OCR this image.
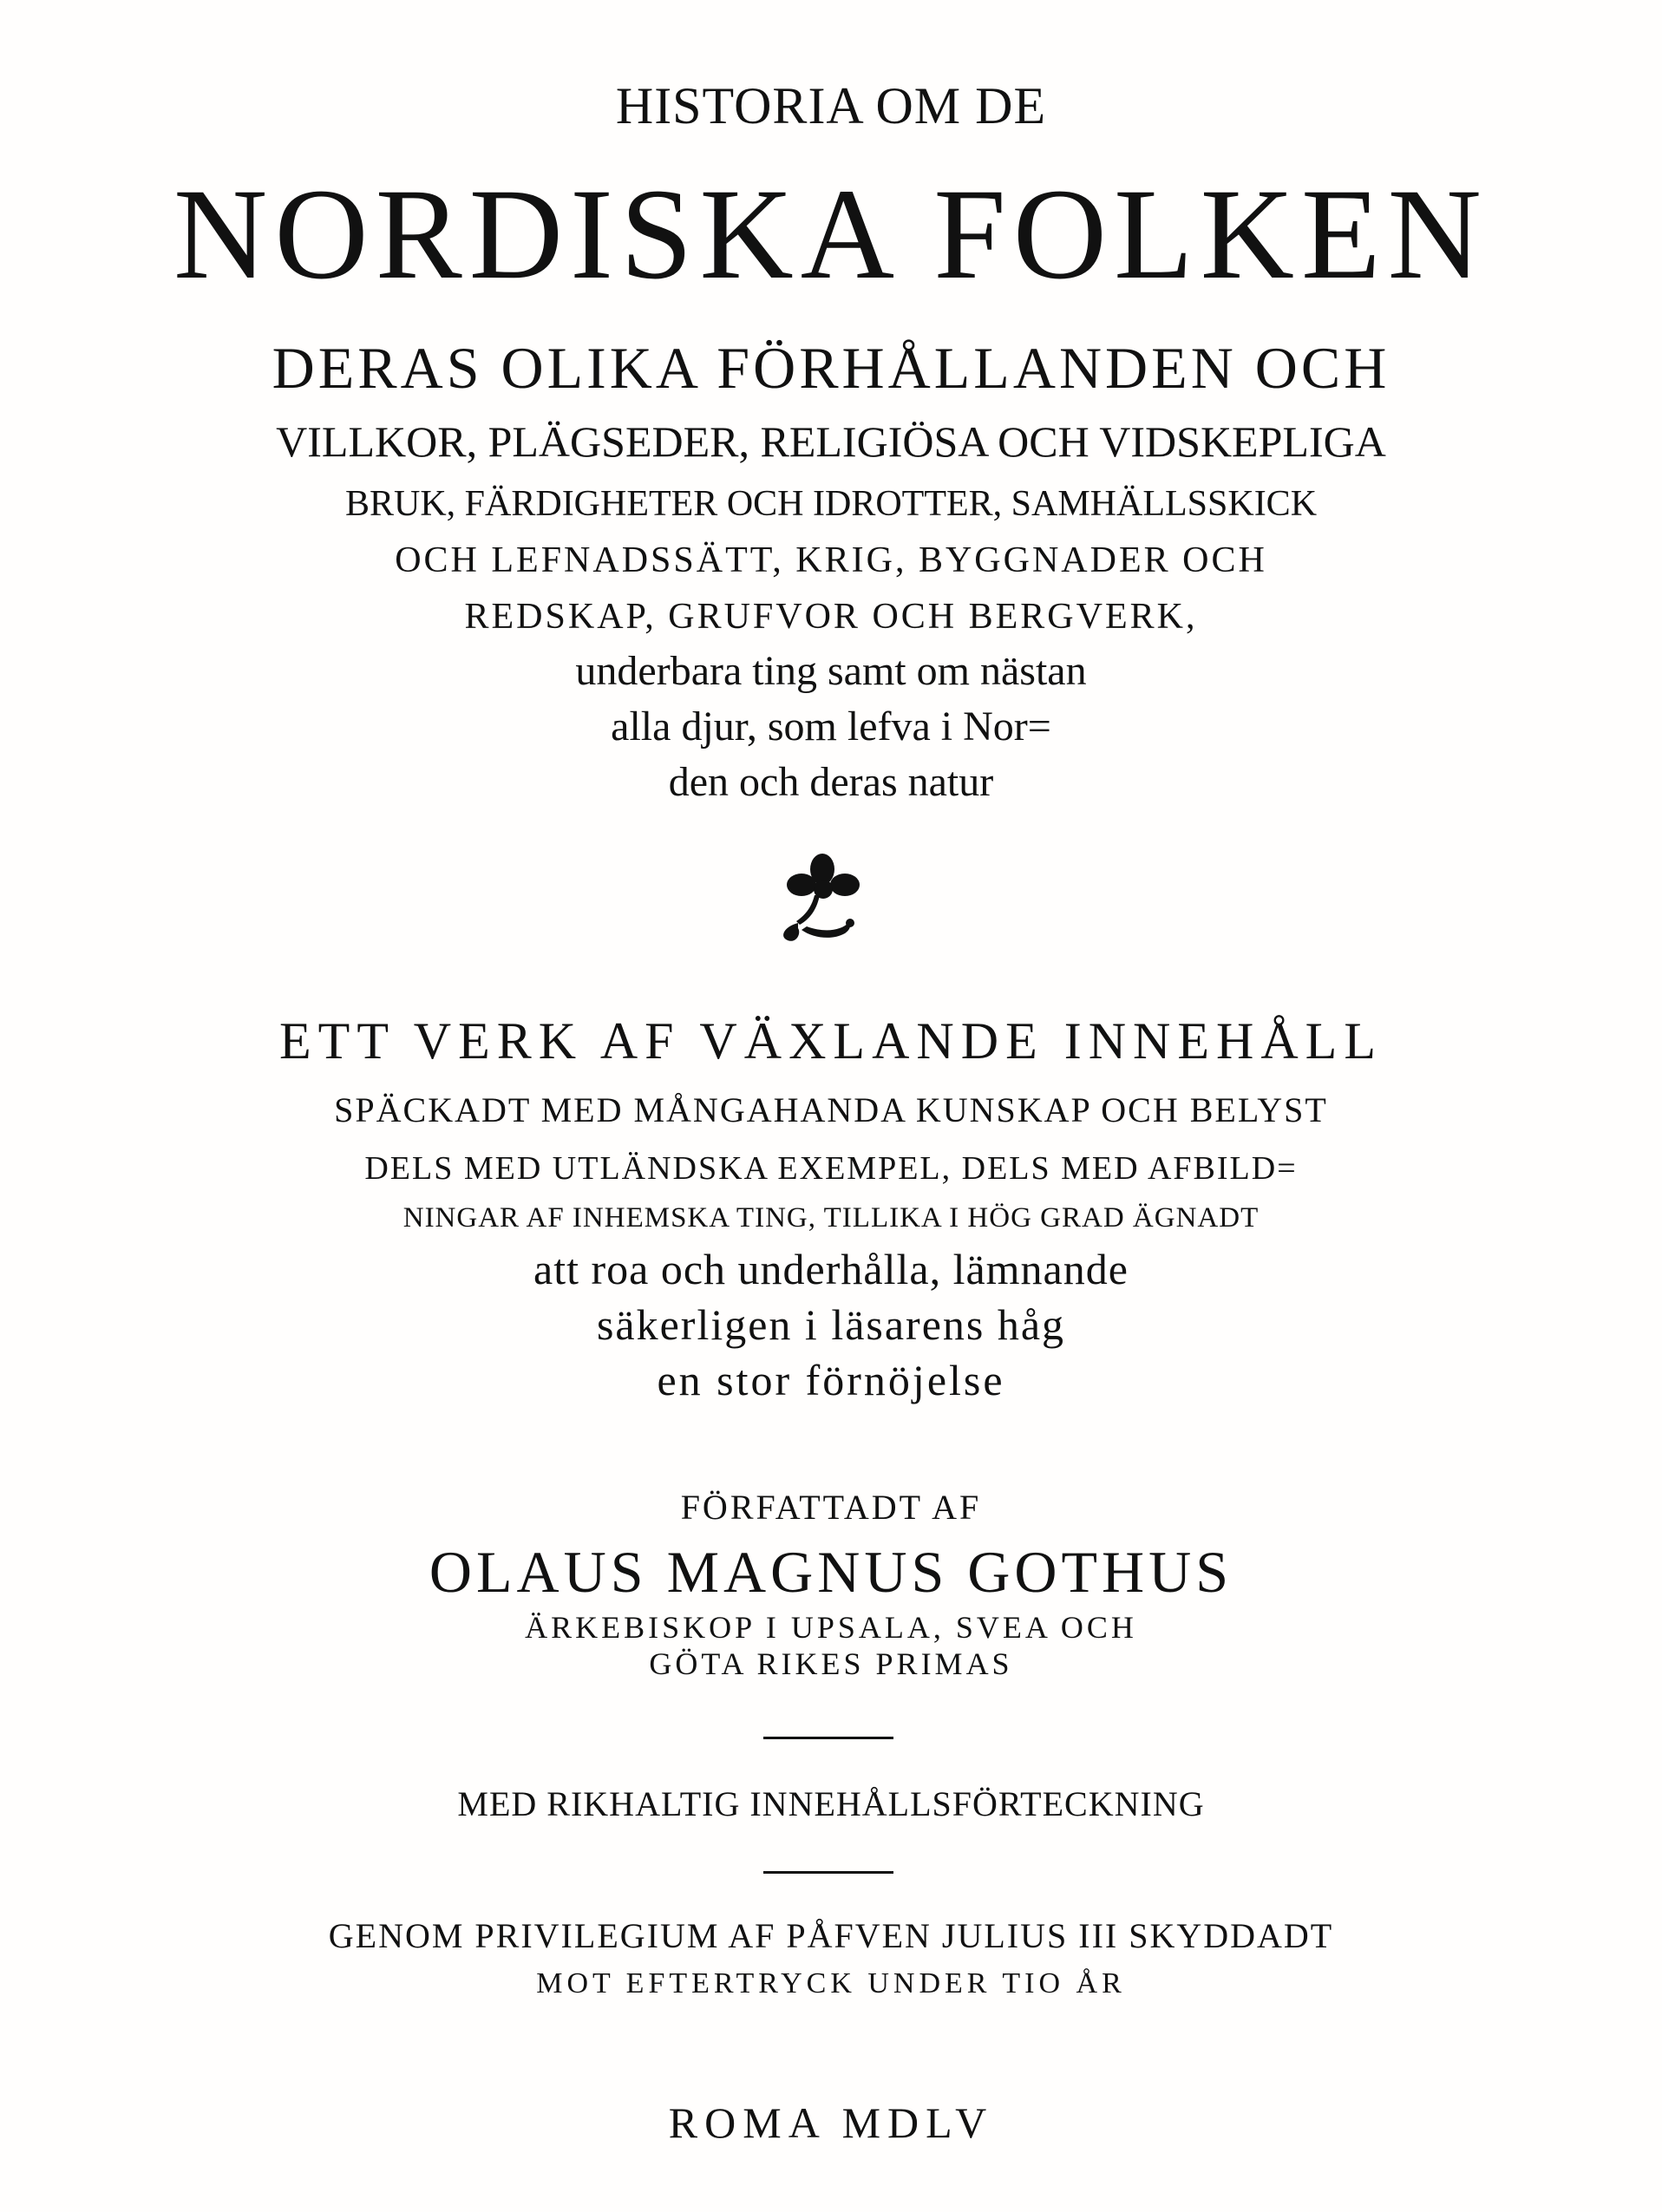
HISTORIA OM DE
NORDISKA FOLKEN
DERAS OLIKA FÖRHÅLLANDEN OCH
VILLKOR, PLÄGSEDER, RELIGIÖSA OCH VIDSKEPLIGA
BRUK, FÄRDIGHETER OCH IDROTTER, SAMHÄLLSSKICK
OCH LEFNADSSÄTT, KRIG, BYGGNADER OCH
REDSKAP, GRUFVOR OCH BERGVERK,
underbara ting samt om nästan
alla djur, som lefva i Nor=
den och deras natur
ETT VERK AF VÄXLANDE INNEHÅLL
SPÄCKADT MED MÅNGAHANDA KUNSKAP OCH BELYST
DELS MED UTLÄNDSKA EXEMPEL, DELS MED AFBILD=
NINGAR AF INHEMSKA TING, TILLIKA I HÖG GRAD ÄGNADT
att roa och underhålla, lämnande
säkerligen i läsarens håg
en stor förnöjelse
FÖRFATTADT AF
OLAUS MAGNUS GOTHUS
ÄRKEBISKOP I UPSALA, SVEA OCH
GÖTA RIKES PRIMAS
MED RIKHALTIG INNEHÅLLSFÖRTECKNING
GENOM PRIVILEGIUM AF PÅFVEN JULIUS III SKYDDADT
MOT EFTERTRYCK UNDER TIO ÅR
ROMA MDLV
